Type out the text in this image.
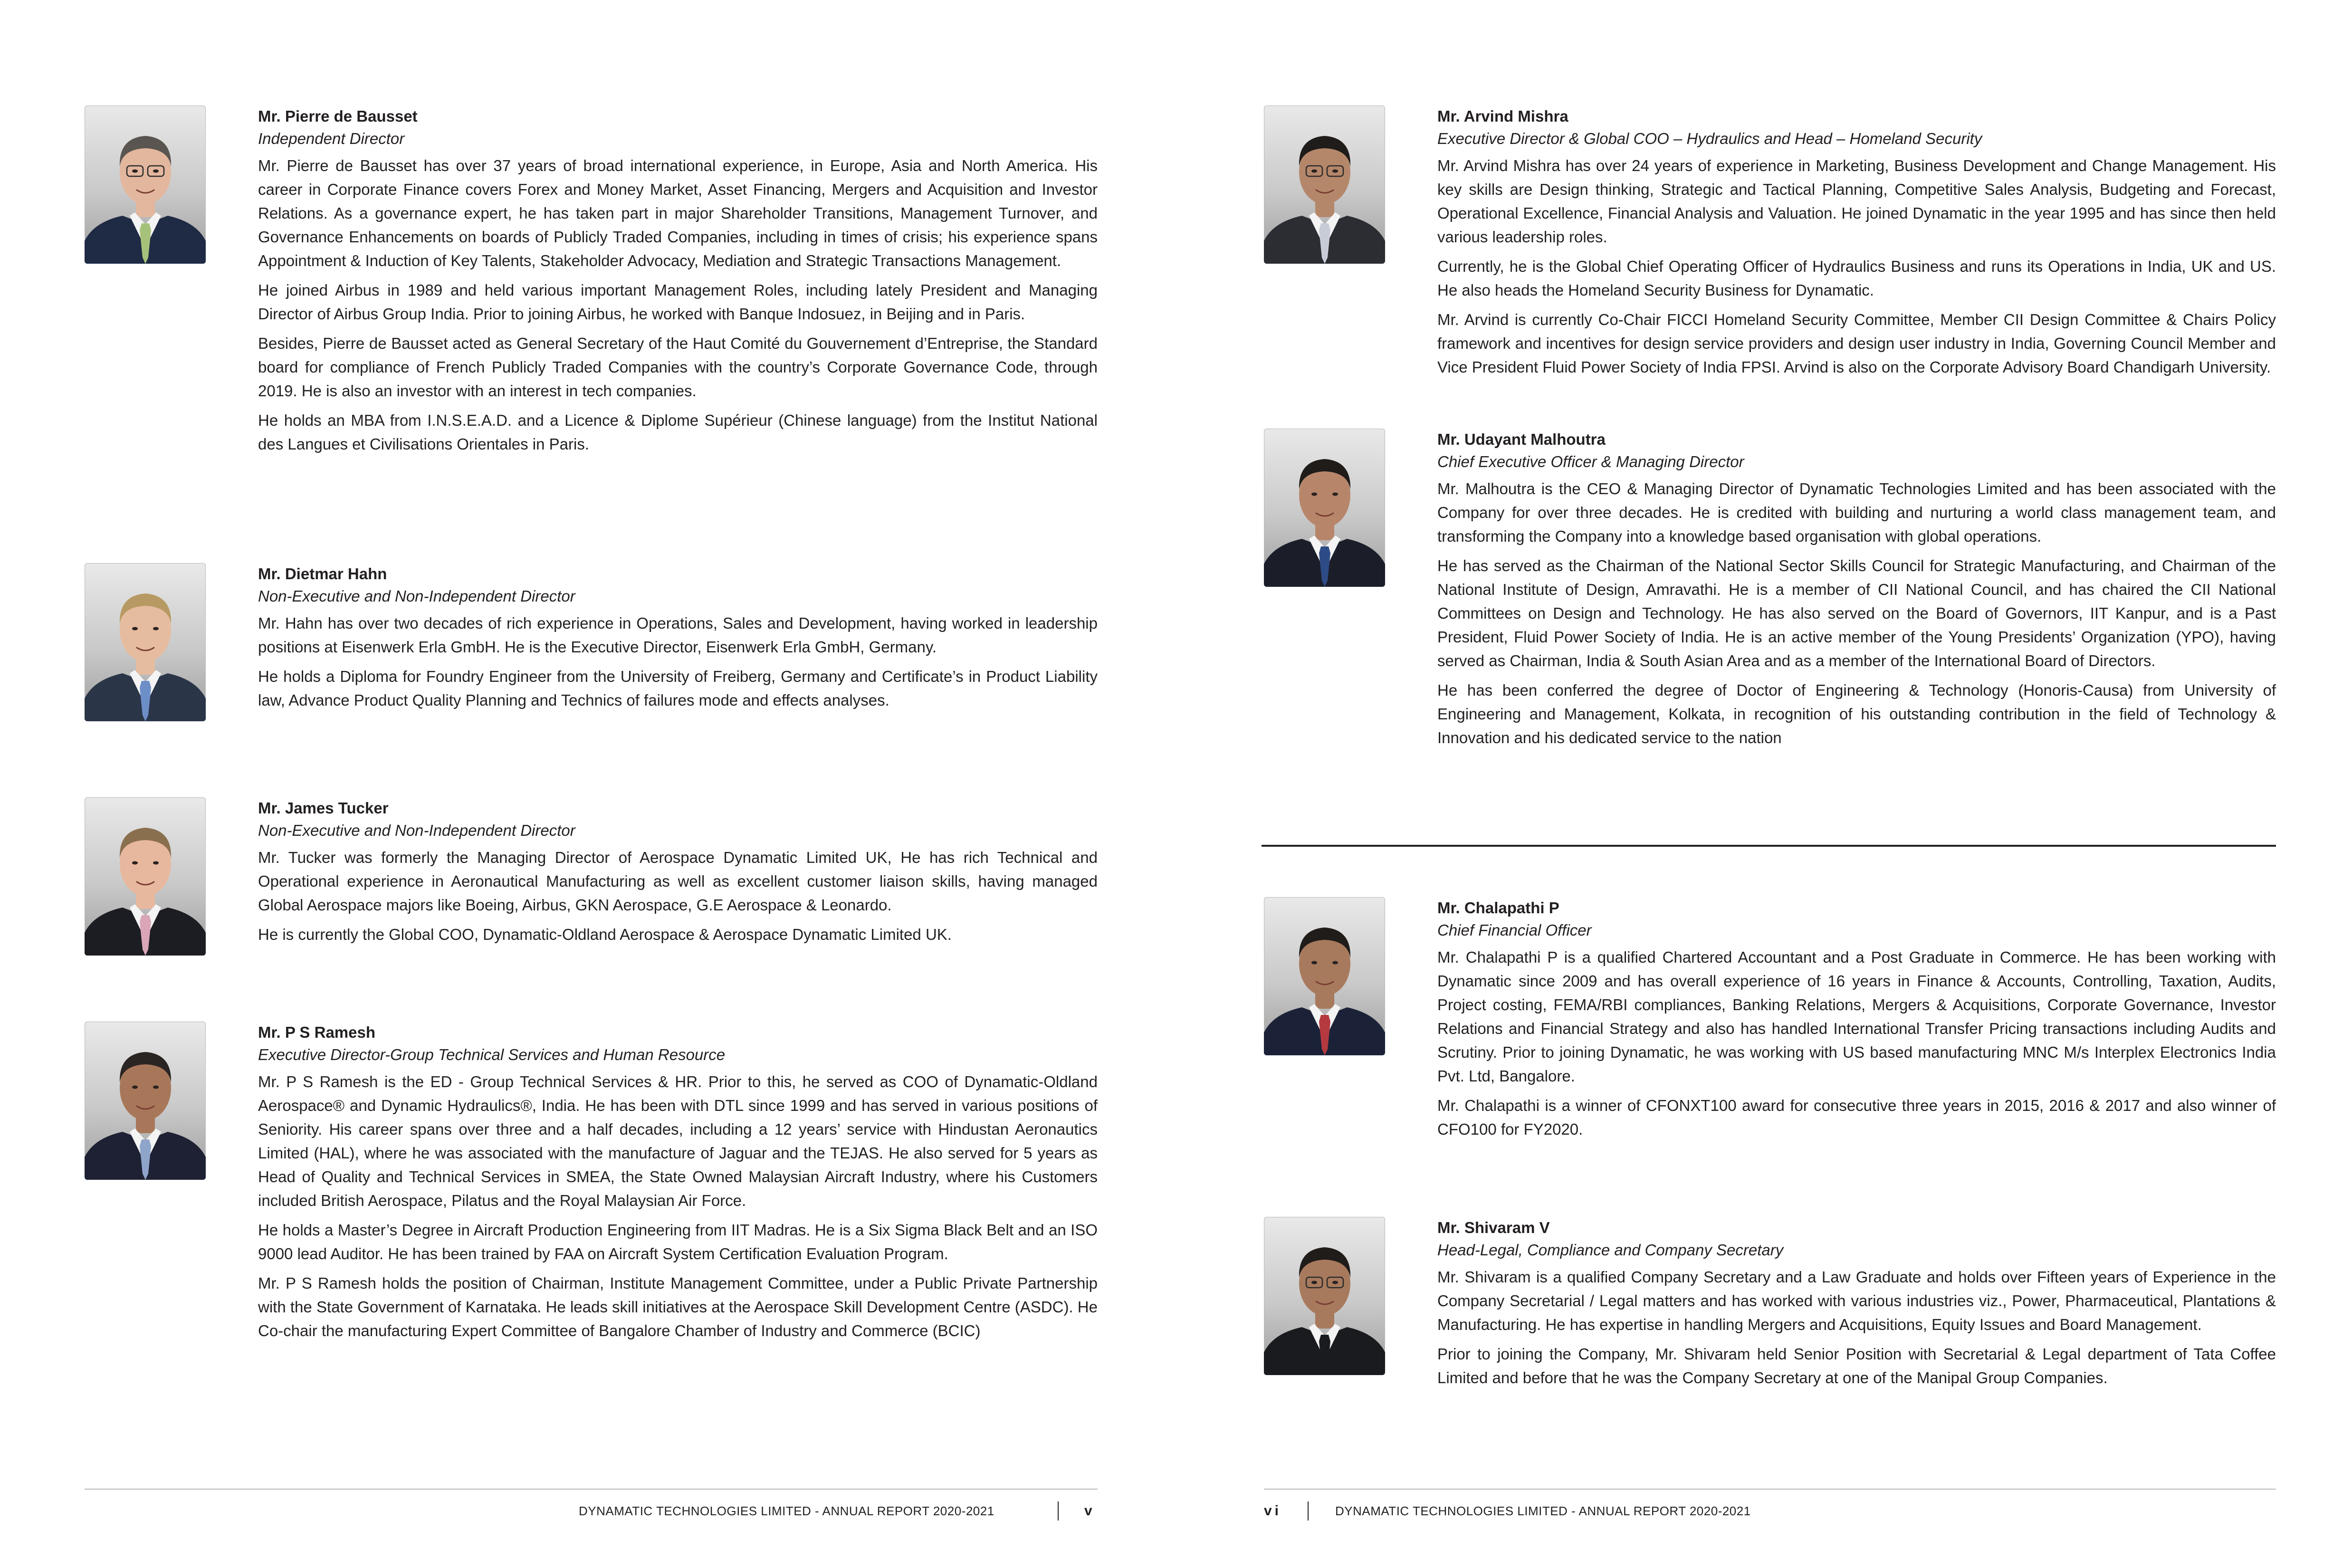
Mr. Pierre de Bausset

Independent Director

Mr. Pierre de Bausset has over 37 years of broad international experience, in Europe, Asia and North America. His career in Corporate Finance covers Forex and Money Market, Asset Financing, Mergers and Acquisition and Investor Relations. As a governance expert, he has taken part in major Shareholder Transitions, Management Turnover, and Governance Enhancements on boards of Publicly Traded Companies, including in times of crisis; his experience spans Appointment & Induction of Key Talents, Stakeholder Advocacy, Mediation and Strategic Transactions Management.

He joined Airbus in 1989 and held various important Management Roles, including lately President and Managing Director of Airbus Group India. Prior to joining Airbus, he worked with Banque Indosuez, in Beijing and in Paris.

Besides, Pierre de Bausset acted as General Secretary of the Haut Comité du Gouvernement d’Entreprise, the Standard board for compliance of French Publicly Traded Companies with the country’s Corporate Governance Code, through 2019. He is also an investor with an interest in tech companies.

He holds an MBA from I.N.S.E.A.D. and a Licence & Diplome Supérieur (Chinese language) from the Institut National des Langues et Civilisations Orientales in Paris.

Mr. Dietmar Hahn

Non-Executive and Non-Independent Director

Mr. Hahn has over two decades of rich experience in Operations, Sales and Development, having worked in leadership positions at Eisenwerk Erla GmbH. He is the Executive Director, Eisenwerk Erla GmbH, Germany.

He holds a Diploma for Foundry Engineer from the University of Freiberg, Germany and Certificate’s in Product Liability law, Advance Product Quality Planning and Technics of failures mode and effects analyses.

Mr. James Tucker

Non-Executive and Non-Independent Director

Mr. Tucker was formerly the Managing Director of Aerospace Dynamatic Limited UK, He has rich Technical and Operational experience in Aeronautical Manufacturing as well as excellent customer liaison skills, having managed Global Aerospace majors like Boeing, Airbus, GKN Aerospace, G.E Aerospace & Leonardo.

He is currently the Global COO, Dynamatic-Oldland Aerospace & Aerospace Dynamatic Limited UK.

Mr. P S Ramesh

Executive Director-Group Technical Services and Human Resource

Mr. P S Ramesh is the ED - Group Technical Services & HR. Prior to this, he served as COO of Dynamatic-Oldland Aerospace® and Dynamic Hydraulics®, India. He has been with DTL since 1999 and has served in various positions of Seniority. His career spans over three and a half decades, including a 12 years’ service with Hindustan Aeronautics Limited (HAL), where he was associated with the manufacture of Jaguar and the TEJAS. He also served for 5 years as Head of Quality and Technical Services in SMEA, the State Owned Malaysian Aircraft Industry, where his Customers included British Aerospace, Pilatus and the Royal Malaysian Air Force.

He holds a Master’s Degree in Aircraft Production Engineering from IIT Madras. He is a Six Sigma Black Belt and an ISO 9000 lead Auditor. He has been trained by FAA on Aircraft System Certification Evaluation Program.

Mr. P S Ramesh holds the position of Chairman, Institute Management Committee, under a Public Private Partnership with the State Government of Karnataka. He leads skill initiatives at the Aerospace Skill Development Centre (ASDC). He Co-chair the manufacturing Expert Committee of Bangalore Chamber of Industry and Commerce (BCIC)

Mr. Arvind Mishra

Executive Director & Global COO – Hydraulics and Head – Homeland Security

Mr. Arvind Mishra has over 24 years of experience in Marketing, Business Development and Change Management. His key skills are Design thinking, Strategic and Tactical Planning, Competitive Sales Analysis, Budgeting and Forecast, Operational Excellence, Financial Analysis and Valuation. He joined Dynamatic in the year 1995 and has since then held various leadership roles.

Currently, he is the Global Chief Operating Officer of Hydraulics Business and runs its Operations in India, UK and US. He also heads the Homeland Security Business for Dynamatic.

Mr. Arvind is currently Co-Chair FICCI Homeland Security Committee, Member CII Design Committee & Chairs Policy framework and incentives for design service providers and design user industry in India, Governing Council Member and Vice President Fluid Power Society of India FPSI. Arvind is also on the Corporate Advisory Board Chandigarh University.

Mr. Udayant Malhoutra

Chief Executive Officer & Managing Director

Mr. Malhoutra is the CEO & Managing Director of Dynamatic Technologies Limited and has been associated with the Company for over three decades. He is credited with building and nurturing a world class management team, and transforming the Company into a knowledge based organisation with global operations.

He has served as the Chairman of the National Sector Skills Council for Strategic Manufacturing, and Chairman of the National Institute of Design, Amravathi. He is a member of CII National Council, and has chaired the CII National Committees on Design and Technology. He has also served on the Board of Governors, IIT Kanpur, and is a Past President, Fluid Power Society of India. He is an active member of the Young Presidents’ Organization (YPO), having served as Chairman, India & South Asian Area and as a member of the International Board of Directors.

He has been conferred the degree of Doctor of Engineering & Technology (Honoris-Causa) from University of Engineering and Management, Kolkata, in recognition of his outstanding contribution in the field of Technology & Innovation and his dedicated service to the nation

Mr. Chalapathi P

Chief Financial Officer

Mr. Chalapathi P is a qualified Chartered Accountant and a Post Graduate in Commerce. He has been working with Dynamatic since 2009 and has overall experience of 16 years in Finance & Accounts, Controlling, Taxation, Audits, Project costing, FEMA/RBI compliances, Banking Relations, Mergers & Acquisitions, Corporate Governance, Investor Relations and Financial Strategy and also has handled International Transfer Pricing transactions including Audits and Scrutiny. Prior to joining Dynamatic, he was working with US based manufacturing MNC M/s Interplex Electronics India Pvt. Ltd, Bangalore.

Mr. Chalapathi is a winner of CFONXT100 award for consecutive three years in 2015, 2016 & 2017 and also winner of CFO100 for FY2020.

Mr. Shivaram V

Head-Legal, Compliance and Company Secretary

Mr. Shivaram is a qualified Company Secretary and a Law Graduate and holds over Fifteen years of Experience in the Company Secretarial / Legal matters and has worked with various industries viz., Power, Pharmaceutical, Plantations & Manufacturing. He has expertise in handling Mergers and Acquisitions, Equity Issues and Board Management.

Prior to joining the Company, Mr. Shivaram held Senior Position with Secretarial & Legal department of Tata Coffee Limited and before that he was the Company Secretary at one of the Manipal Group Companies.

DYNAMATIC TECHNOLOGIES LIMITED - ANNUAL REPORT 2020-2021	v	vi	DYNAMATIC TECHNOLOGIES LIMITED - ANNUAL REPORT 2020-2021
